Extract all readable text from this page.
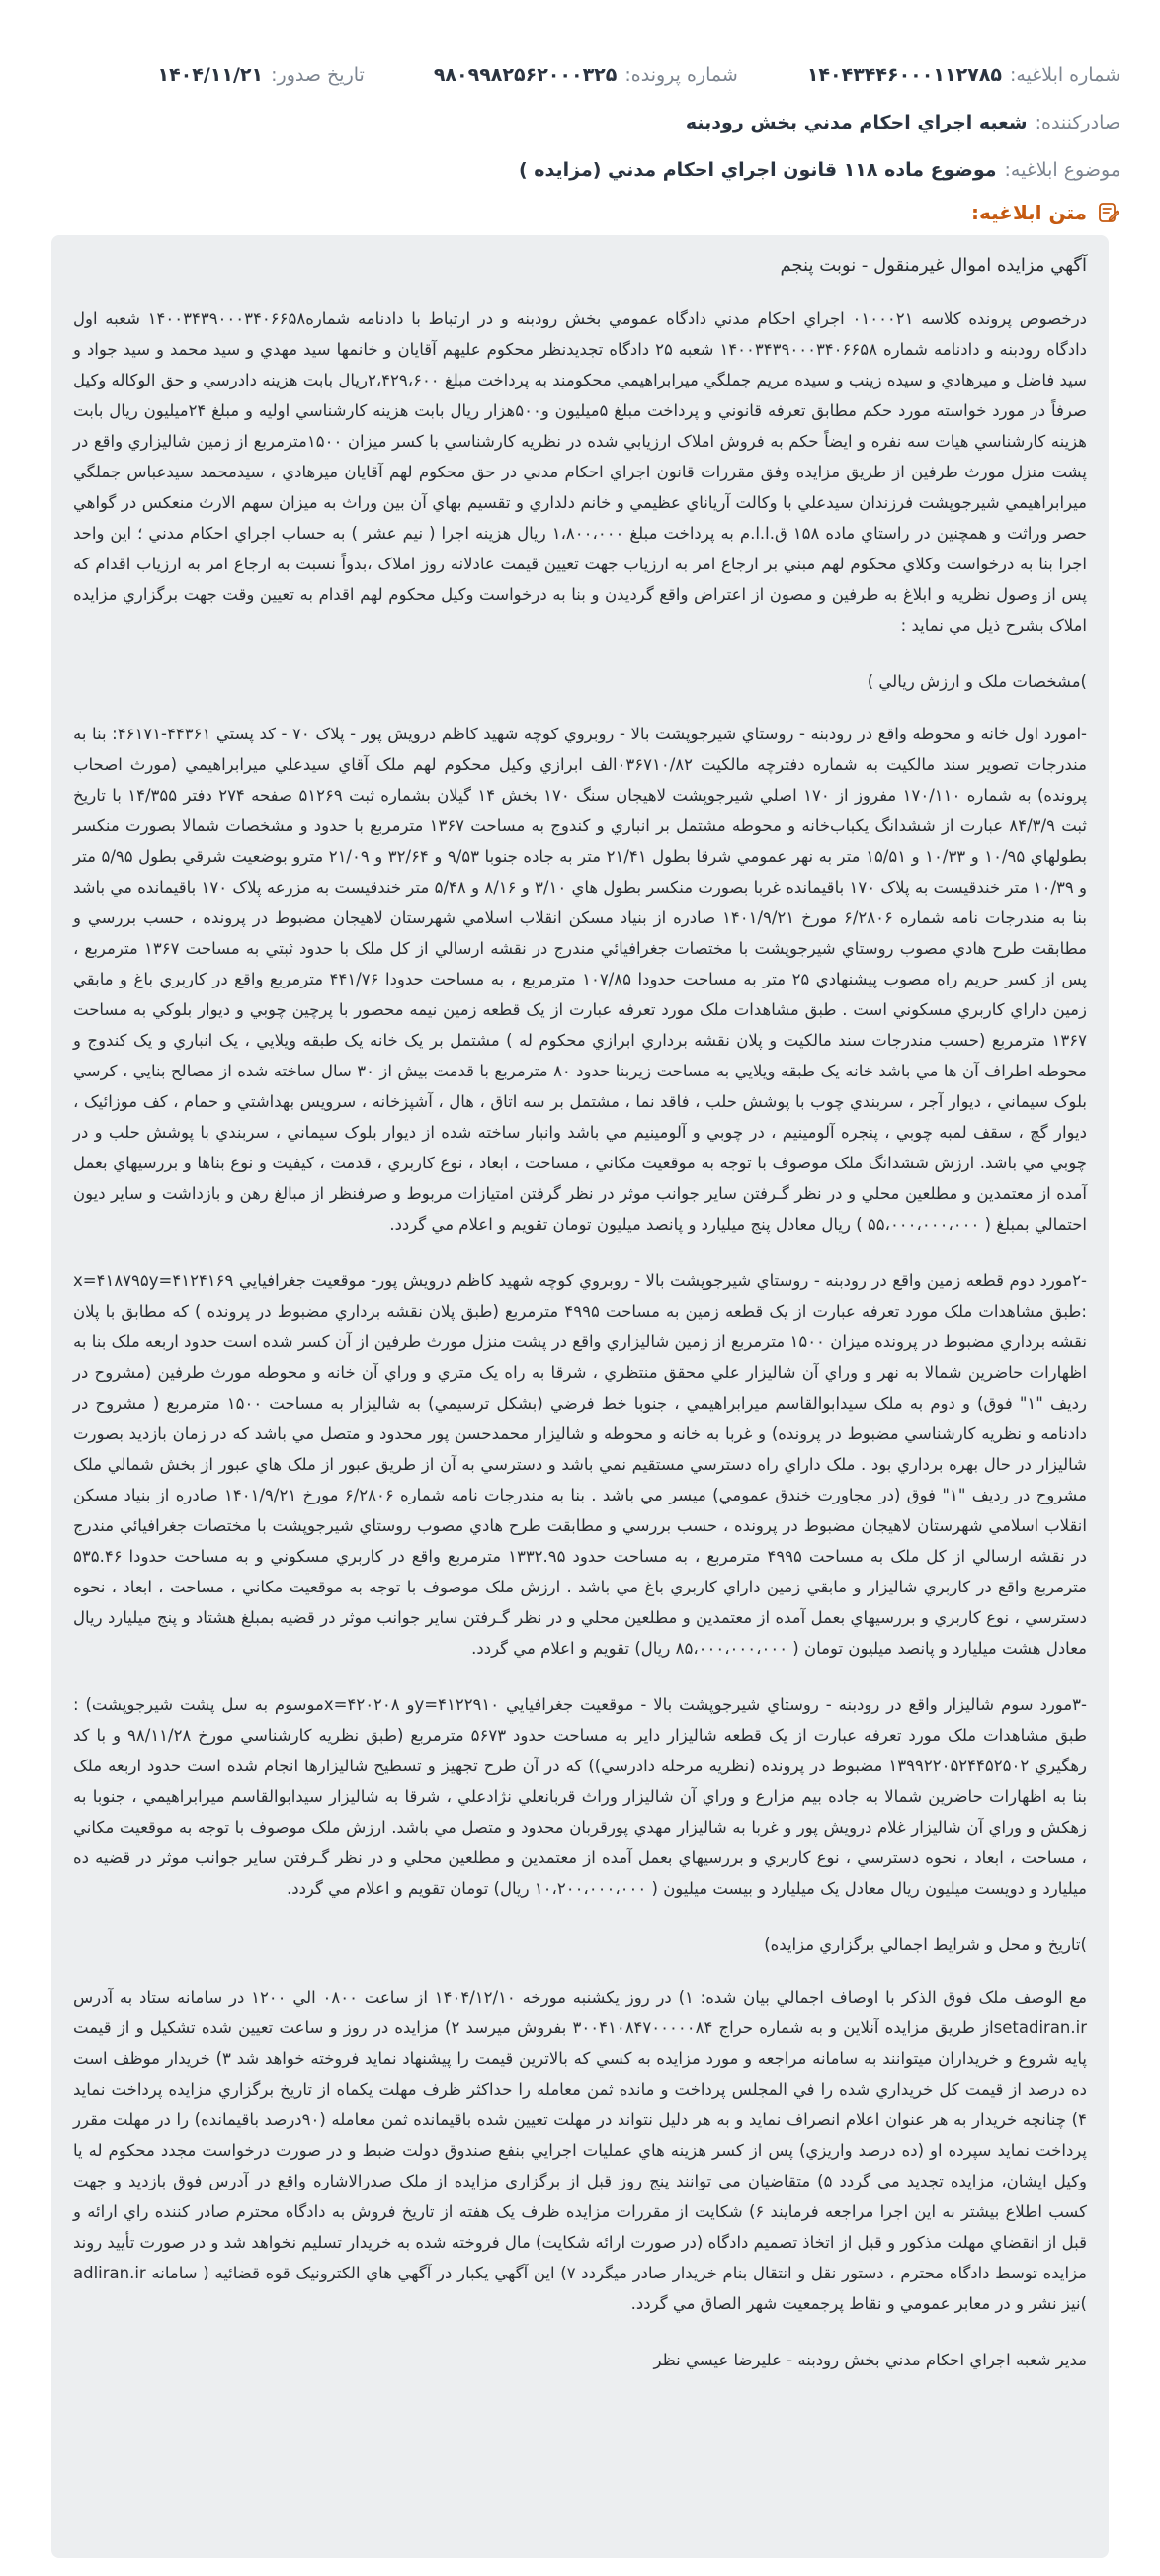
شماره ابلاغيه:
۱۴۰۴۳۴۴۶۰۰۰۱۱۲۷۸۵
شماره پرونده:
۹۸۰۹۹۸۲۵۶۲۰۰۰۳۲۵
تاريخ صدور:
۱۴۰۴/۱۱/۲۱
صادرکننده:
شعبه اجراي احکام مدني بخش رودبنه
موضوع ابلاغيه:
موضوع ماده ۱۱۸ قانون اجراي احکام مدني (مزايده )
متن ابلاغيه:
آگهي مزايده اموال غيرمنقول - نوبت پنجم

درخصوص پرونده کلاسه ۰۱۰۰۰۲۱ اجراي احکام مدني دادگاه عمومي بخش رودبنه و در ارتباط با دادنامه شماره۱۴۰۰۳۴۳۹۰۰۰۳۴۰۶۶۵۸ شعبه اول دادگاه رودبنه و دادنامه شماره ۱۴۰۰۳۴۳۹۰۰۰۳۴۰۶۶۵۸ شعبه ۲۵ دادگاه تجديدنظر محکوم عليهم آقايان و خانمها سيد مهدي و سيد محمد و سيد جواد و سيد فاضل و ميرهادي و سيده زينب و سيده مريم جملگي ميرابراهيمي محکومند به پرداخت مبلغ ۲،۴۲۹،۶۰۰ريال بابت هزينه دادرسي و حق الوکاله وکيل صرفاً در مورد خواسته مورد حکم مطابق تعرفه قانوني و پرداخت مبلغ ۵ميليون و۵۰۰هزار ريال بابت هزينه کارشناسي اوليه و مبلغ ۲۴ميليون ريال بابت هزينه کارشناسي هيات سه نفره و ايضاً حکم به فروش املاک ارزيابي شده در نظريه کارشناسي با کسر ميزان ۱۵۰۰مترمربع از زمين شاليزاري واقع در پشت منزل مورث طرفين از طريق مزايده وفق مقررات قانون اجراي احکام مدني در حق محکوم لهم آقايان ميرهادي ، سيدمحمد سيدعباس جملگي ميرابراهيمي شيرجوپشت فرزندان سيدعلي با وکالت آرياناي عظيمي و خانم دلداري و تقسيم بهاي آن بين وراث به ميزان سهم الارث منعکس در گواهي حصر وراثت و همچنين در راستاي ماده ۱۵۸ ق.ا.ا.م به پرداخت مبلغ ۱،۸۰۰،۰۰۰ ريال هزينه اجرا ( نيم عشر ) به حساب اجراي احکام مدني ؛ اين واحد اجرا بنا به درخواست وکلاي محکوم لهم مبني بر ارجاع امر به ارزياب جهت تعيين قيمت عادلانه روز املاک ،بدواً نسبت به ارجاع امر به ارزياب اقدام که پس از وصول نظريه و ابلاغ به طرفين و مصون از اعتراض واقع گرديدن و بنا به درخواست وکيل محکوم لهم اقدام به تعيين وقت جهت برگزاري مزايده املاک بشرح ذيل مي نمايد :

)مشخصات ملک و ارزش ريالي )

-امورد اول خانه و محوطه واقع در رودبنه - روستاي شيرجوپشت بالا - روبروي کوچه شهيد کاظم درويش پور - پلاک ۷۰ - کد پستي ۴۴۳۶۱-۴۶۱۷۱: بنا به مندرجات تصوير سند مالکيت به شماره دفترچه مالکيت ۰۳۶۷۱۰/۸۲الف ابرازي وکيل محکوم لهم ملک آقاي سيدعلي ميرابراهيمي (مورث اصحاب پرونده) به شماره ۱۷۰/۱۱۰ مفروز از ۱۷۰ اصلي شيرجوپشت لاهيجان سنگ ۱۷۰ بخش ۱۴ گيلان بشماره ثبت ۵۱۲۶۹ صفحه ۲۷۴ دفتر ۱۴/۳۵۵ با تاريخ ثبت ۸۴/۳/۹ عبارت از ششدانگ يکباب‌خانه و محوطه مشتمل بر انباري و کندوج به مساحت ۱۳۶۷ مترمربع با حدود و مشخصات شمالا بصورت منکسر بطولهاي ۱۰/۹۵ و ۱۰/۳۳ و ۱۵/۵۱ متر به نهر عمومي شرقا بطول ۲۱/۴۱ متر به جاده جنوبا ۹/۵۳ و ۳۲/۶۴ و ۲۱/۰۹ مترو بوضعيت شرقي بطول ۵/۹۵ متر و ۱۰/۳۹ متر خندقيست به پلاک ۱۷۰ باقيمانده غربا بصورت منکسر بطول هاي ۳/۱۰ و ۸/۱۶ و ۵/۴۸ متر خندقيست به مزرعه پلاک ۱۷۰ باقيمانده مي باشد بنا به مندرجات نامه شماره ۶/۲۸۰۶ مورخ ۱۴۰۱/۹/۲۱ صادره از بنياد مسکن انقلاب اسلامي شهرستان لاهيجان مضبوط در پرونده ، حسب بررسي و مطابقت طرح هادي مصوب روستاي شيرجوپشت با مختصات جغرافيائي مندرج در نقشه ارسالي از کل ملک با حدود ثبتي به مساحت ۱۳۶۷ مترمربع ، پس از کسر حريم راه مصوب پيشنهادي ۲۵ متر به مساحت حدودا ۱۰۷/۸۵ مترمربع ، به مساحت حدودا ۴۴۱/۷۶ مترمربع واقع در کاربري باغ و مابقي زمين داراي کاربري مسکوني است . طبق مشاهدات ملک مورد تعرفه عبارت از يک قطعه زمين نيمه محصور با پرچين چوبي و ديوار بلوکي به مساحت ۱۳۶۷ مترمربع (حسب مندرجات سند مالکيت و پلان نقشه برداري ابرازي محکوم له ) مشتمل بر يک خانه يک طبقه ويلايي ، يک انباري و يک کندوج و محوطه اطراف آن ها مي باشد خانه يک طبقه ويلايي به مساحت زيربنا حدود ۸۰ مترمربع با قدمت بيش از ۳۰ سال ساخته شده از مصالح بنايي ، کرسي بلوک سيماني ، ديوار آجر ، سربندي چوب با پوشش حلب ، فاقد نما ، مشتمل بر سه اتاق ، هال ، آشپزخانه ، سرويس بهداشتي و حمام ، کف موزائيک ، ديوار گچ ، سقف لمبه چوبي ، پنجره آلومينيم ، در چوبي و آلومينيم مي باشد وانبار ساخته شده از ديوار بلوک سيماني ، سربندي با پوشش حلب و در چوبي مي باشد. ارزش ششدانگ ملک موصوف با توجه به موقعيت مکاني ، مساحت ، ابعاد ، نوع کاربري ، قدمت ، کيفيت و نوع بناها و بررسيهاي بعمل آمده از معتمدين و مطلعين محلي و در نظر گـرفتن ساير جوانب موثر در نظر گرفتن امتيازات مربوط و صرفنظر از مبالغ رهن و بازداشت و ساير ديون احتمالي بمبلغ ( ۵۵،۰۰۰،۰۰۰،۰۰۰ ) ريال معادل پنج ميليارد و پانصد ميليون تومان تقويم و اعلام مي گردد.

-۲مورد دوم قطعه زمين واقع در رودبنه - روستاي شيرجوپشت بالا - روبروي کوچه شهيد کاظم درويش پور- موقعيت جغرافيايي x=۴۱۸۷۹۵y=۴۱۲۴۱۶۹ :طبق مشاهدات ملک مورد تعرفه عبارت از يک قطعه زمين به مساحت ۴۹۹۵ مترمربع (طبق پلان نقشه برداري مضبوط در پرونده ) که مطابق با پلان نقشه برداري مضبوط در پرونده ميزان ۱۵۰۰ مترمربع از زمين شاليزاري واقع در پشت منزل مورث طرفين از آن کسر شده است حدود اربعه ملک بنا به اظهارات حاضرين شمالا به نهر و وراي آن شاليزار علي محقق منتظري ، شرقا به راه يک متري و وراي آن خانه و محوطه مورث طرفين (مشروح در رديف "۱" فوق) و دوم به ملک سيدابوالقاسم ميرابراهيمي ، جنوبا خط فرضي (بشکل ترسيمي) به شاليزار به مساحت ۱۵۰۰ مترمربع ( مشروح در دادنامه و نظريه کارشناسي مضبوط در پرونده) و غربا به خانه و محوطه و شاليزار محمدحسن پور محدود و متصل مي باشد که در زمان بازديد بصورت شاليزار در حال بهره برداري بود . ملک داراي راه دسترسي مستقيم نمي باشد و دسترسي به آن از طريق عبور از ملک هاي عبور از بخش شمالي ملک مشروح در رديف "۱" فوق (در مجاورت خندق عمومي) ميسر مي باشد . بنا به مندرجات نامه شماره ۶/۲۸۰۶ مورخ ۱۴۰۱/۹/۲۱ صادره از بنياد مسکن انقلاب اسلامي شهرستان لاهيجان مضبوط در پرونده ، حسب بررسي و مطابقت طرح هادي مصوب روستاي شيرجوپشت با مختصات جغرافيائي مندرج در نقشه ارسالي از کل ملک به مساحت ۴۹۹۵ مترمربع ، به مساحت حدود ۱۳۳۲.۹۵ مترمربع واقع در کاربري مسکوني و به مساحت حدودا ۵۳۵.۴۶ مترمربع واقع در کاربري شاليزار و مابقي زمين داراي کاربري باغ مي باشد . ارزش ملک موصوف با توجه به موقعيت مکاني ، مساحت ، ابعاد ، نحوه دسترسي ، نوع کاربري و بررسيهاي بعمل آمده از معتمدين و مطلعين محلي و در نظر گـرفتن ساير جوانب موثر در قضيه بمبلغ هشتاد و پنج ميليارد ريال معادل هشت ميليارد و پانصد ميليون تومان ( ۸۵،۰۰۰،۰۰۰،۰۰۰ ريال) تقويم و اعلام مي گردد.

-۳مورد سوم شاليزار واقع در رودبنه - روستاي شيرجوپشت بالا - موقعيت جغرافيايي y=۴۱۲۲۹۱۰و x=۴۲۰۲۰۸موسوم به سل پشت شيرجوپشت) : طبق مشاهدات ملک مورد تعرفه عبارت از يک قطعه شاليزار داير به مساحت حدود ۵۶۷۳ مترمربع (طبق نظريه کارشناسي مورخ ۹۸/۱۱/۲۸ و با کد رهگيري ۱۳۹۹۲۲۰۵۲۴۴۵۲۵۰۲ مضبوط در پرونده (نظريه مرحله دادرسي)) که در آن طرح تجهيز و تسطيح شاليزارها انجام شده است حدود اربعه ملک بنا به اظهارات حاضرين شمالا به جاده بيم مزارع و وراي آن شاليزار وراث قربانعلي نژادعلي ، شرقا به شاليزار سيدابوالقاسم ميرابراهيمي ، جنوبا به زهکش و وراي آن شاليزار غلام درويش پور و غربا به شاليزار مهدي پورقربان محدود و متصل مي باشد. ارزش ملک موصوف با توجه به موقعيت مکاني ، مساحت ، ابعاد ، نحوه دسترسي ، نوع کاربري و بررسيهاي بعمل آمده از معتمدين و مطلعين محلي و در نظر گـرفتن ساير جوانب موثر در قضيه ده ميليارد و دويست ميليون ريال معادل يک ميليارد و بيست ميليون ( ۱۰،۲۰۰،۰۰۰،۰۰۰ ريال) تومان تقويم و اعلام مي گردد.

)تاريخ و محل و شرايط اجمالي برگزاري مزايده)

مع الوصف ملک فوق الذکر با اوصاف اجمالي بيان شده: ۱) در روز يکشنبه مورخه ۱۴۰۴/۱۲/۱۰ از ساعت ۰۸۰۰ الي ۱۲۰۰ در سامانه ستاد به آدرس setadiran.irاز طريق مزايده آنلاين و به شماره حراج ۳۰۰۴۱۰۸۴۷۰۰۰۰۰۸۴ بفروش ميرسد ۲) مزايده در روز و ساعت تعيين شده تشکيل و از قيمت پايه شروع و خريداران ميتوانند به سامانه مراجعه و مورد مزايده به کسي که بالاترين قيمت را پيشنهاد نمايد فروخته خواهد شد ۳) خريدار موظف است ده درصد از قيمت کل خريداري شده را في المجلس پرداخت و مانده ثمن معامله را حداکثر ظرف مهلت يکماه از تاريخ برگزاري مزايده پرداخت نمايد ۴) چنانچه خريدار به هر عنوان اعلام انصراف نمايد و به هر دليل نتواند در مهلت تعيين شده باقيمانده ثمن معامله (۹۰درصد باقيمانده) را در مهلت مقرر پرداخت نمايد سپرده او (ده درصد واريزي) پس از کسر هزينه هاي عمليات اجرايي بنفع صندوق دولت ضبط و در صورت درخواست مجدد محکوم له يا وکيل ايشان، مزايده تجديد مي گردد ۵) متقاضيان مي توانند پنج روز قبل از برگزاري مزايده از ملک صدرالاشاره واقع در آدرس فوق بازديد و جهت کسب اطلاع بيشتر به اين اجرا مراجعه فرمايند ۶) شکايت از مقررات مزايده ظرف يک هفته از تاريخ فروش به دادگاه محترم صادر کننده راي ارائه و قبل از انقضاي مهلت مذکور و قبل از اتخاذ تصميم دادگاه (در صورت ارائه شکايت) مال فروخته شده به خريدار تسليم نخواهد شد و در صورت تأييد روند مزايده توسط دادگاه محترم ، دستور نقل و انتقال بنام خريدار صادر ميگردد ۷) اين آگهي يکبار در آگهي هاي الکترونيک قوه قضائيه ( سامانه adliran.ir )نيز نشر و در معابر عمومي و نقاط پرجمعيت شهر الصاق مي گردد.

مدير شعبه اجراي احکام مدني بخش رودبنه - عليرضا عيسي نظر
